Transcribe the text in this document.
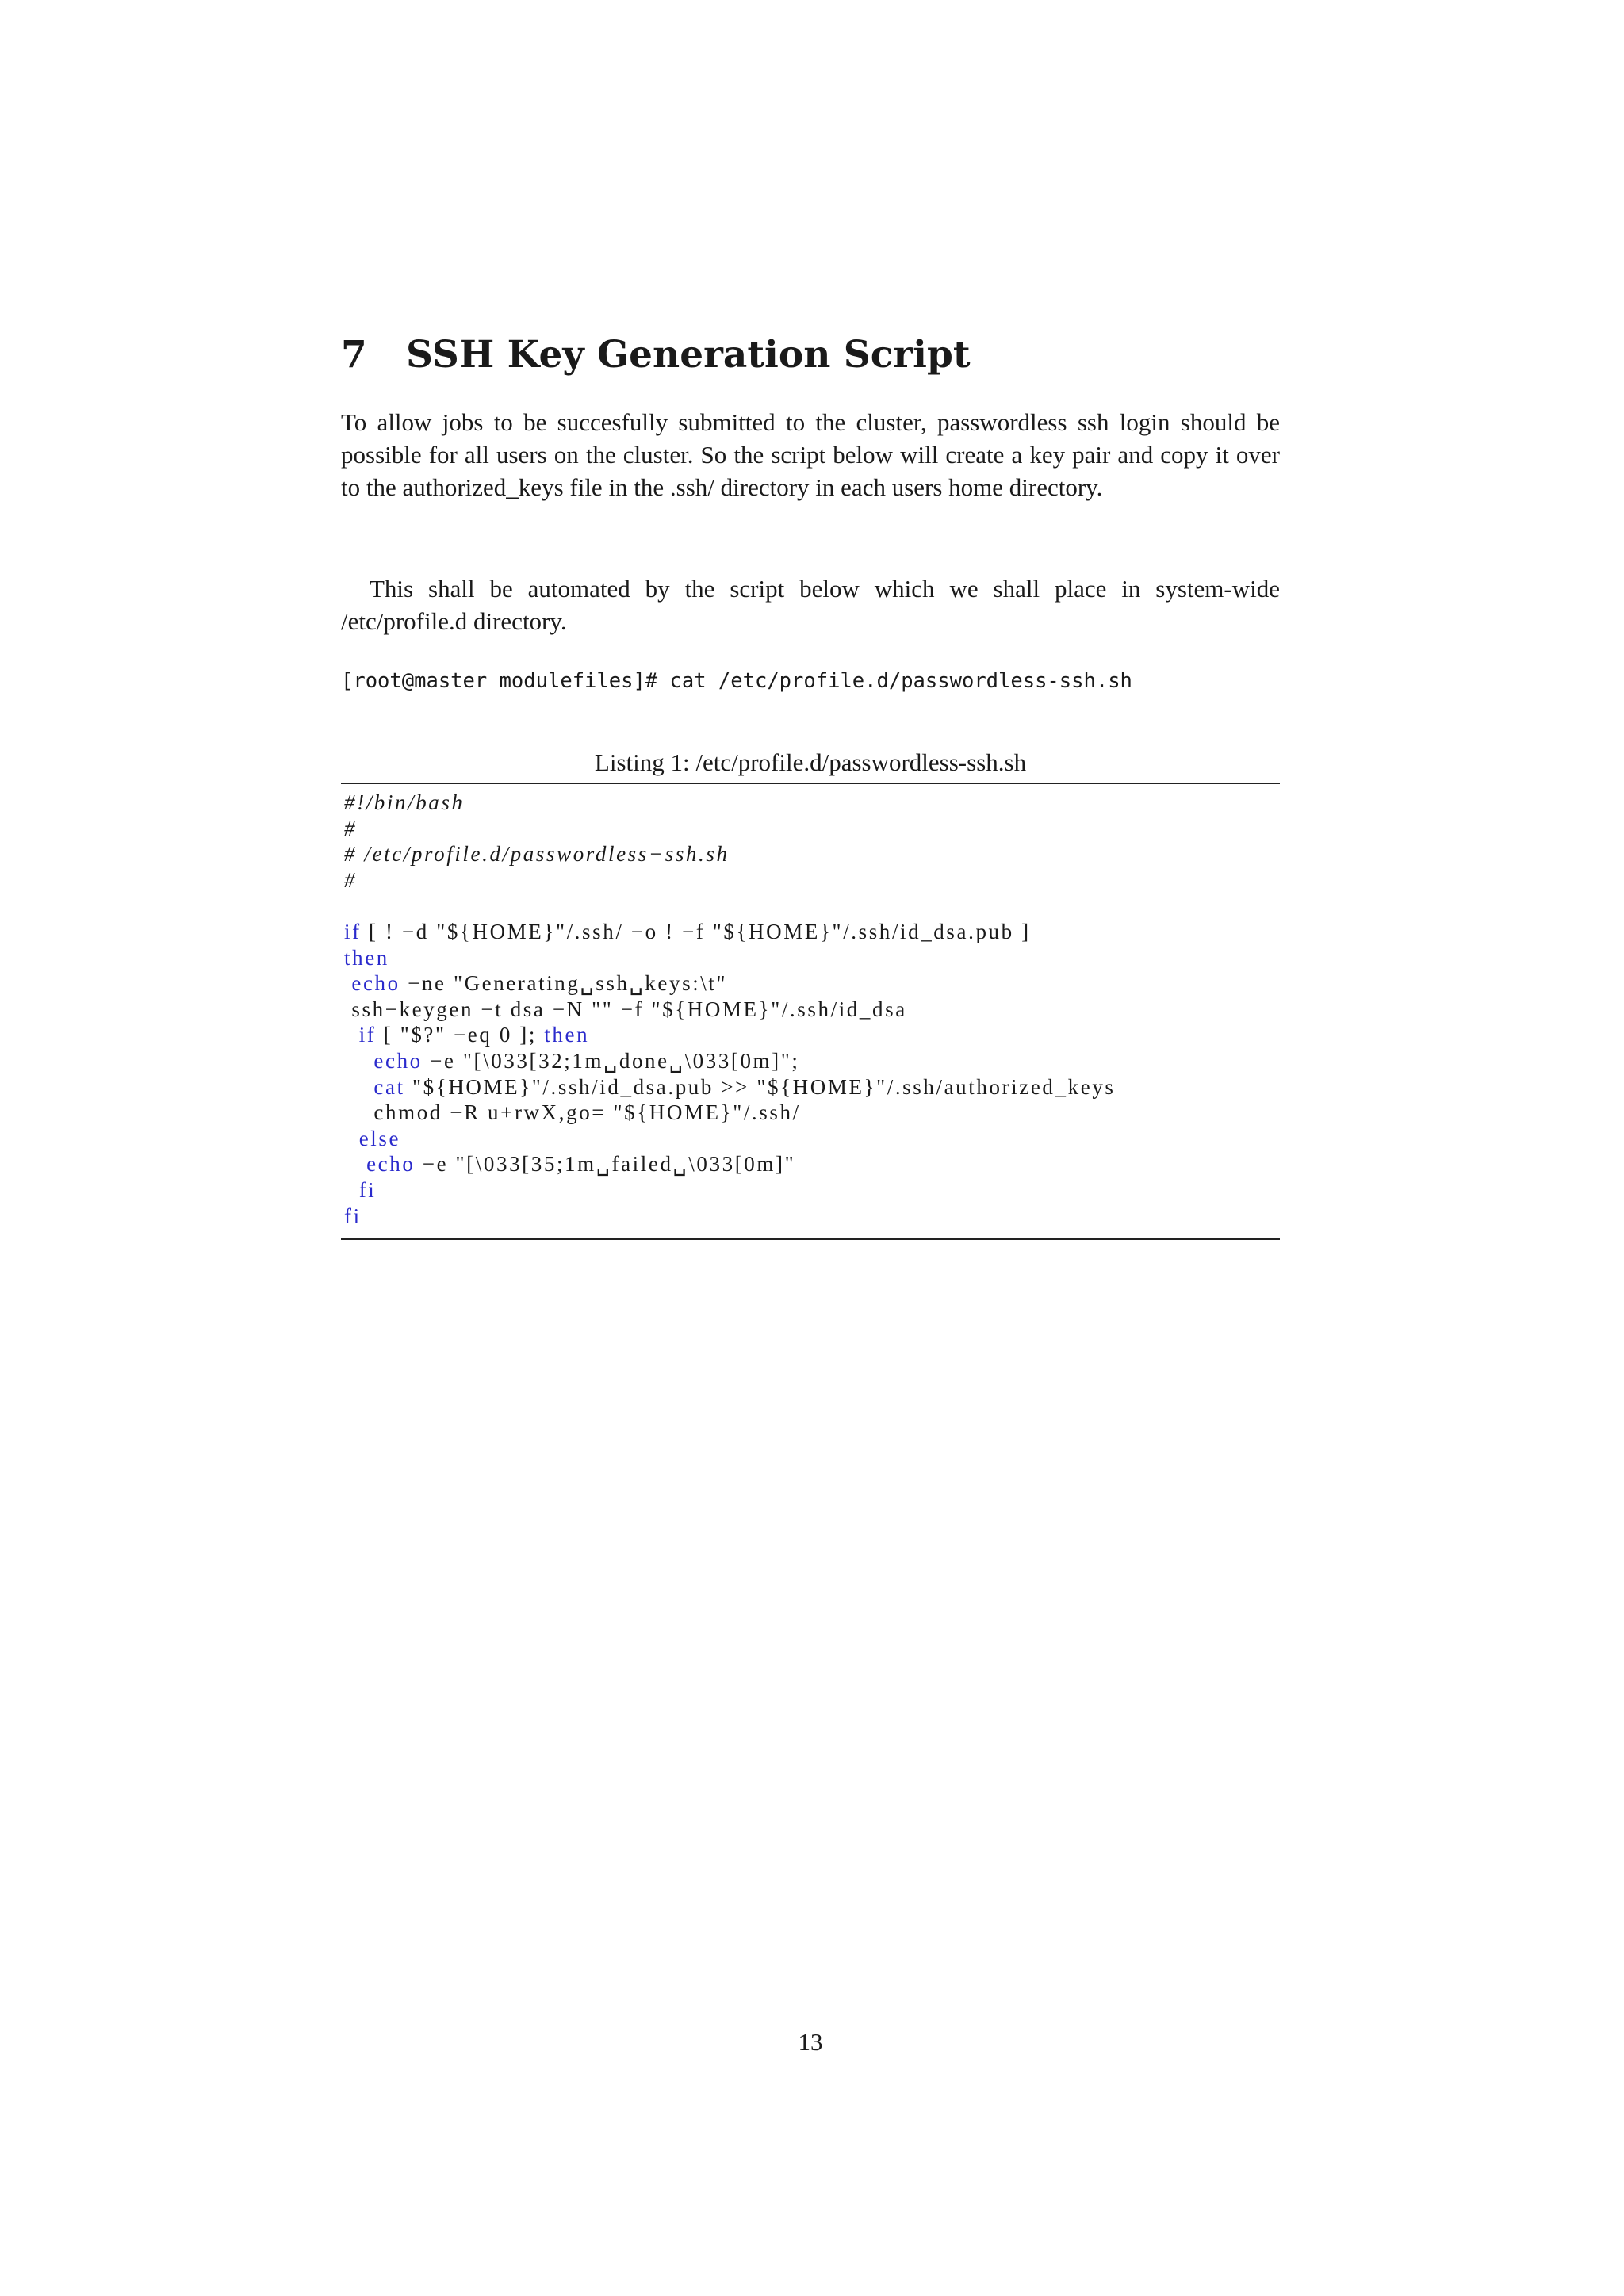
7 SSH Key Generation Script

To allow jobs to be succesfully submitted to the cluster, passwordless ssh login should be possible for all users on the cluster. So the script below will create a key pair and copy it over to the authorized_keys file in the .ssh/ directory in each users home directory.

This shall be automated by the script below which we shall place in system-wide /etc/profile.d directory.

[root@master modulefiles]# cat /etc/profile.d/passwordless-ssh.sh
Listing 1: /etc/profile.d/passwordless-ssh.sh
#!/bin/bash
#
# /etc/profile.d/passwordless−ssh.sh
#
if [ ! −d "${HOME}"/.ssh/ −o ! −f "${HOME}"/.ssh/id_dsa.pub ]
then
echo −ne "Generating␣ssh␣keys:\t"
ssh−keygen −t dsa −N "" −f "${HOME}"/.ssh/id_dsa
if [ "$?" −eq 0 ]; then
echo −e "[\033[32;1m␣done␣\033[0m]";
cat "${HOME}"/.ssh/id_dsa.pub >> "${HOME}"/.ssh/authorized_keys
chmod −R u+rwX,go= "${HOME}"/.ssh/
else
echo −e "[\033[35;1m␣failed␣\033[0m]"
fi
fi
13
